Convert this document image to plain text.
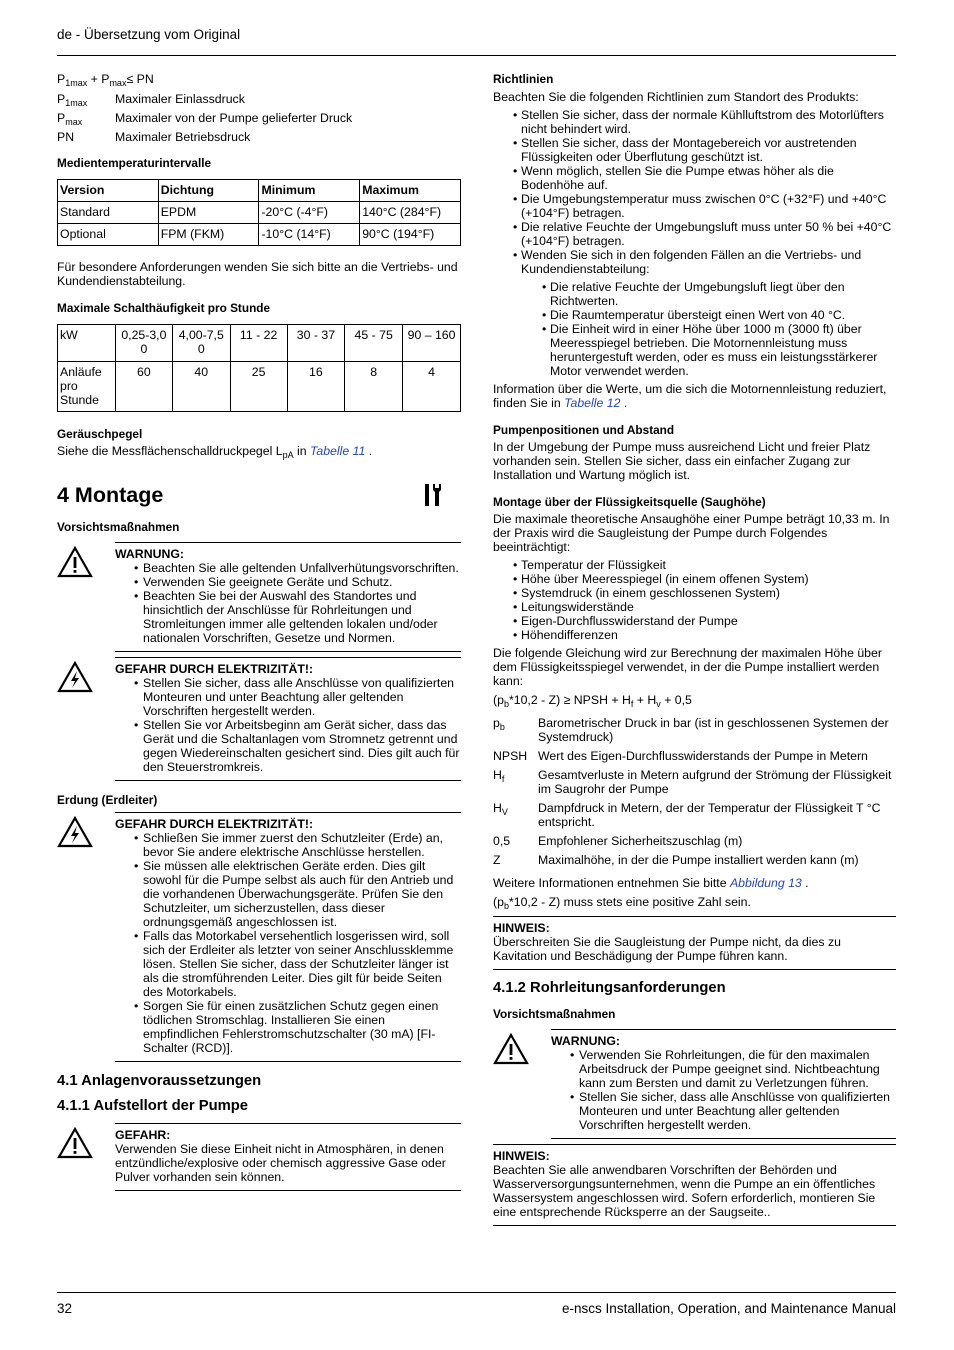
de - Übersetzung vom Original
$P_{1max} + P_{max}\le$ PN
$P_{1max}$	Maximaler Einlassdruck
$P_{max}$	Maximaler von der Pumpe gelieferter Druck
PN	Maximaler Betriebsdruck
Medientemperaturintervalle
Version	Dichtung	Minimum	Maximum
Standard	EPDM	-20°C (-4°F)	140°C (284°F)
Optional	FPM (FKM)	-10°C (14°F)	90°C (194°F)
Für besondere Anforderungen wenden Sie sich bitte an die Vertriebs- und Kundendienstabteilung.
Maximale Schalthäufigkeit pro Stunde
kW	0,25-3,0 0	4,00-7,5 0	11 - 22	30 - 37	45 - 75	90 – 160
Anläufe pro Stunde	60	40	25	16	8	4
Geräuschpegel
Siehe die Messflächenschalldruckpegel $L_{pA}$ in Tabelle 11 .
4 Montage
Vorsichtsmaßnahmen
WARNUNG:
• Beachten Sie alle geltenden Unfallverhütungsvorschriften.
• Verwenden Sie geeignete Geräte und Schutz.
• Beachten Sie bei der Auswahl des Standortes und hinsichtlich der Anschlüsse für Rohrleitungen und Stromleitungen immer alle geltenden lokalen und/oder nationalen Vorschriften, Gesetze und Normen.
GEFAHR DURCH ELEKTRIZITÄT!:
• Stellen Sie sicher, dass alle Anschlüsse von qualifizierten Monteuren und unter Beachtung aller geltenden Vorschriften hergestellt werden.
• Stellen Sie vor Arbeitsbeginn am Gerät sicher, dass das Gerät und die Schaltanlagen vom Stromnetz getrennt und gegen Wiedereinschalten gesichert sind. Dies gilt auch für den Steuerstromkreis.
Erdung (Erdleiter)
GEFAHR DURCH ELEKTRIZITÄT!:
• Schließen Sie immer zuerst den Schutzleiter (Erde) an, bevor Sie andere elektrische Anschlüsse herstellen.
• Sie müssen alle elektrischen Geräte erden. Dies gilt sowohl für die Pumpe selbst als auch für den Antrieb und die vorhandenen Überwachungsgeräte. Prüfen Sie den Schutzleiter, um sicherzustellen, dass dieser ordnungsgemäß angeschlossen ist.
• Falls das Motorkabel versehentlich losgerissen wird, soll sich der Erdleiter als letzter von seiner Anschlussklemme lösen. Stellen Sie sicher, dass der Schutzleiter länger ist als die stromführenden Leiter. Dies gilt für beide Seiten des Motorkabels.
• Sorgen Sie für einen zusätzlichen Schutz gegen einen tödlichen Stromschlag. Installieren Sie einen empfindlichen Fehlerstromschutzschalter (30 mA) [FI-Schalter (RCD)].
4.1 Anlagenvoraussetzungen
4.1.1 Aufstellort der Pumpe
GEFAHR:
Verwenden Sie diese Einheit nicht in Atmosphären, in denen entzündliche/explosive oder chemisch aggressive Gase oder Pulver vorhanden sein können.
Richtlinien
Beachten Sie die folgenden Richtlinien zum Standort des Produkts:
• Stellen Sie sicher, dass der normale Kühlluftstrom des Motorlüfters nicht behindert wird.
• Stellen Sie sicher, dass der Montagebereich vor austretenden Flüssigkeiten oder Überflutung geschützt ist.
• Wenn möglich, stellen Sie die Pumpe etwas höher als die Bodenhöhe auf.
• Die Umgebungstemperatur muss zwischen 0°C (+32°F) und +40°C (+104°F) betragen.
• Die relative Feuchte der Umgebungsluft muss unter 50 % bei +40°C (+104°F) betragen.
• Wenden Sie sich in den folgenden Fällen an die Vertriebs- und Kundendienstabteilung:
• Die relative Feuchte der Umgebungsluft liegt über den Richtwerten.
• Die Raumtemperatur übersteigt einen Wert von 40 °C.
• Die Einheit wird in einer Höhe über 1000 m (3000 ft) über Meeresspiegel betrieben. Die Motornennleistung muss heruntergestuft werden, oder es muss ein leistungsstärkerer Motor verwendet werden.
Information über die Werte, um die sich die Motornennleistung reduziert, finden Sie in Tabelle 12 .
Pumpenpositionen und Abstand
In der Umgebung der Pumpe muss ausreichend Licht und freier Platz vorhanden sein. Stellen Sie sicher, dass ein einfacher Zugang zur Installation und Wartung möglich ist.
Montage über der Flüssigkeitsquelle (Saughöhe)
Die maximale theoretische Ansaughöhe einer Pumpe beträgt 10,33 m. In der Praxis wird die Saugleistung der Pumpe durch Folgendes beeinträchtigt:
• Temperatur der Flüssigkeit
• Höhe über Meeresspiegel (in einem offenen System)
• Systemdruck (in einem geschlossenen System)
• Leitungswiderstände
• Eigen-Durchflusswiderstand der Pumpe
• Höhendifferenzen
Die folgende Gleichung wird zur Berechnung der maximalen Höhe über dem Flüssigkeitsspiegel verwendet, in der die Pumpe installiert werden kann:
$(p_b*10,2 - Z)$ ≥ NPSH + $H_f + H_v + 0,5$
$p_b$	Barometrischer Druck in bar (ist in geschlossenen Systemen der Systemdruck)
NPSH Wert des Eigen-Durchflusswiderstands der Pumpe in Metern
$H_f$	Gesamtverluste in Metern aufgrund der Strömung der Flüssigkeit im Saugrohr der Pumpe
$H_V$	Dampfdruck in Metern, der der Temperatur der Flüssigkeit T °C entspricht.
0,5	Empfohlener Sicherheitszuschlag (m)
Z	Maximalhöhe, in der die Pumpe installiert werden kann (m)
Weitere Informationen entnehmen Sie bitte Abbildung 13 .
$(p_b*10,2 - Z)$ muss stets eine positive Zahl sein.
HINWEIS:
Überschreiten Sie die Saugleistung der Pumpe nicht, da dies zu Kavitation und Beschädigung der Pumpe führen kann.
4.1.2 Rohrleitungsanforderungen
Vorsichtsmaßnahmen
WARNUNG:
• Verwenden Sie Rohrleitungen, die für den maximalen Arbeitsdruck der Pumpe geeignet sind. Nichtbeachtung kann zum Bersten und damit zu Verletzungen führen.
• Stellen Sie sicher, dass alle Anschlüsse von qualifizierten Monteuren und unter Beachtung aller geltenden Vorschriften hergestellt werden.
HINWEIS:
Beachten Sie alle anwendbaren Vorschriften der Behörden und Wasserversorgungsunternehmen, wenn die Pumpe an ein öffentliches Wassersystem angeschlossen wird. Sofern erforderlich, montieren Sie eine entsprechende Rücksperre an der Saugseite..
32	e-nscs Installation, Operation, and Maintenance Manual
